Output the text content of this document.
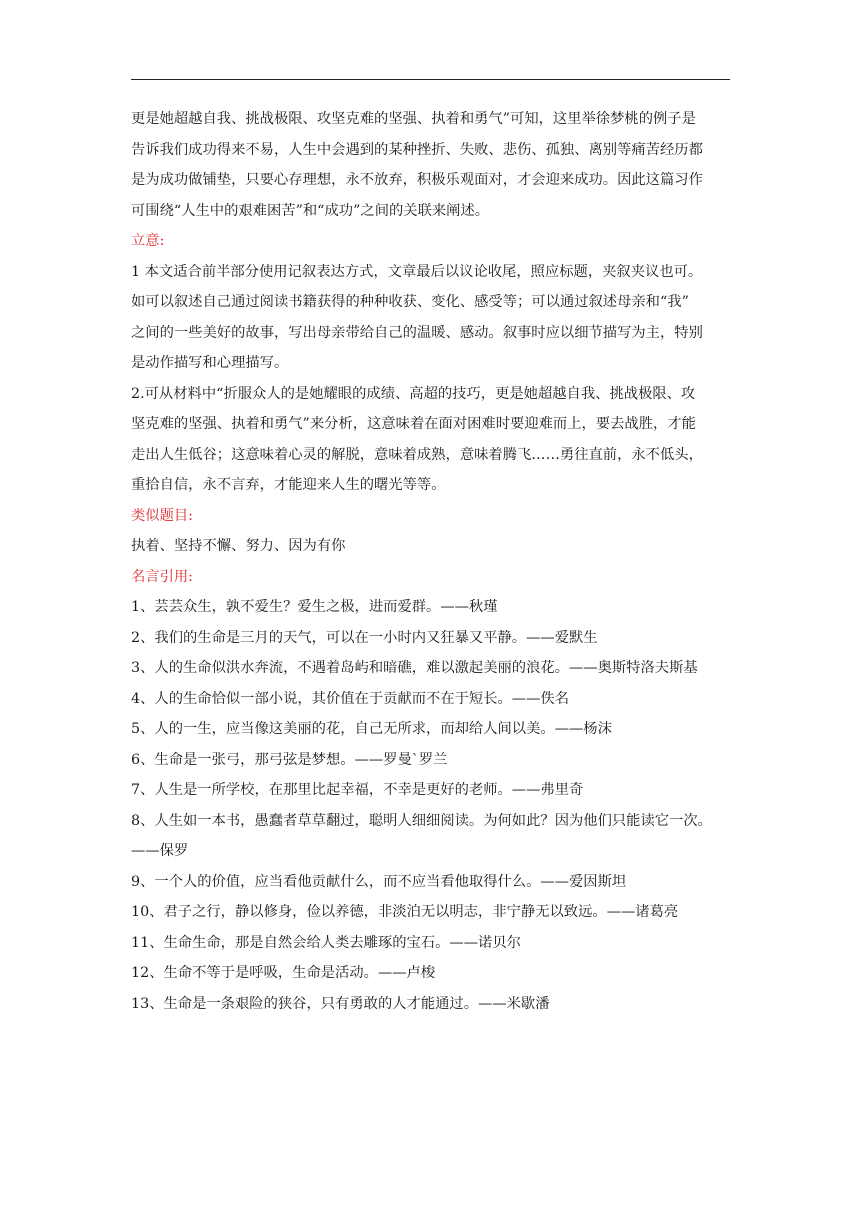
更是她超越自我、挑战极限、攻坚克难的坚强、执着和勇气”可知，这里举徐梦桃的例子是

告诉我们成功得来不易，人生中会遇到的某种挫折、失败、悲伤、孤独、离别等痛苦经历都

是为成功做铺垫，只要心存理想，永不放弃，积极乐观面对，才会迎来成功。因此这篇习作

可围绕“人生中的艰难困苦”和“成功”之间的关联来阐述。

立意:

1 本文适合前半部分使用记叙表达方式，文章最后以议论收尾，照应标题，夹叙夹议也可。

如可以叙述自己通过阅读书籍获得的种种收获、变化、感受等；可以通过叙述母亲和“我”

之间的一些美好的故事，写出母亲带给自己的温暖、感动。叙事时应以细节描写为主，特别

是动作描写和心理描写。

2.可从材料中“折服众人的是她耀眼的成绩、高超的技巧，更是她超越自我、挑战极限、攻

坚克难的坚强、执着和勇气”来分析，这意味着在面对困难时要迎难而上，要去战胜，才能

走出人生低谷；这意味着心灵的解脱，意味着成熟，意味着腾飞……勇往直前，永不低头，

重拾自信，永不言弃，才能迎来人生的曙光等等。

类似题目:

执着、坚持不懈、努力、因为有你

名言引用:

1、芸芸众生，孰不爱生？爱生之极，进而爱群。——秋瑾

2、我们的生命是三月的天气，可以在一小时内又狂暴又平静。——爱默生

3、人的生命似洪水奔流，不遇着岛屿和暗礁，难以激起美丽的浪花。——奥斯特洛夫斯基

4、人的生命恰似一部小说，其价值在于贡献而不在于短长。——佚名

5、人的一生，应当像这美丽的花，自己无所求，而却给人间以美。——杨沫

6、生命是一张弓，那弓弦是梦想。——罗曼`罗兰

7、人生是一所学校，在那里比起幸福，不幸是更好的老师。——弗里奇

8、人生如一本书，愚蠢者草草翻过，聪明人细细阅读。为何如此？因为他们只能读它一次。

——保罗

9、一个人的价值，应当看他贡献什么，而不应当看他取得什么。——爱因斯坦

10、君子之行，静以修身，俭以养德，非淡泊无以明志，非宁静无以致远。——诸葛亮

11、生命生命，那是自然会给人类去雕琢的宝石。——诺贝尔

12、生命不等于是呼吸，生命是活动。——卢梭

13、生命是一条艰险的狭谷，只有勇敢的人才能通过。——米歇潘
